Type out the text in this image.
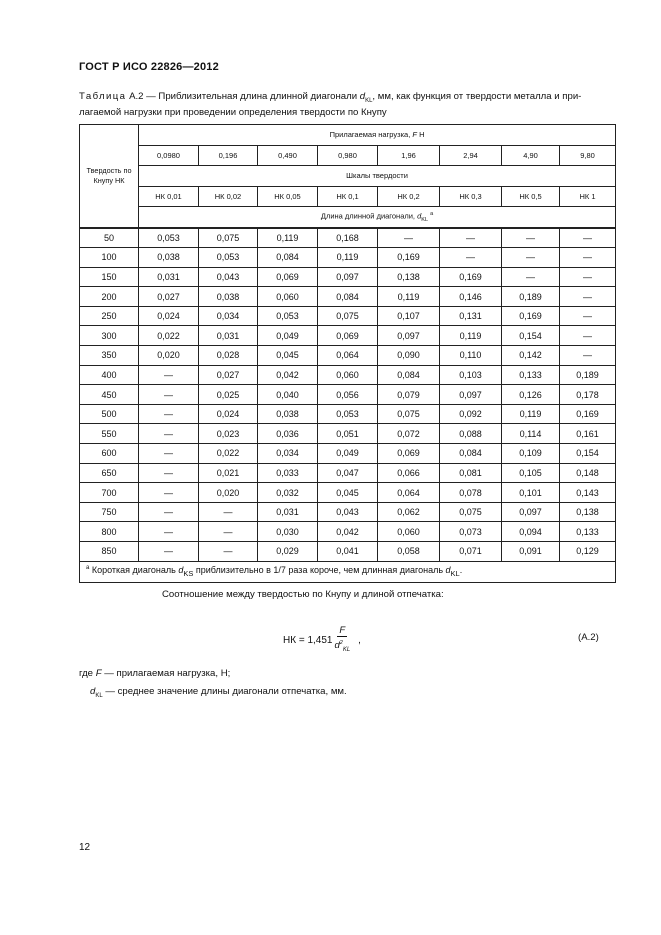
ГОСТ Р ИСО 22826—2012
Таблица А.2 — Приблизительная длина длинной диагонали $d_{KL}$, мм, как функция от твердости металла и при-
лагаемой нагрузки при проведении определения твердости по Кнупу
Твердость по Кнупу НК	Прилагаемая нагрузка, F Н							
	0,0980	0,196	0,490	0,980	1,96	2,94	4,90	9,80
	Шкалы твердости							
	НК 0,01	НК 0,02	НК 0,05	НК 0,1	НК 0,2	НК 0,3	НК 0,5	НК 1
	Длина длинной диагонали, $d_{KL}$ $^a$
50	0,053	0,075	0,119	0,168	—	—	—	—
100	0,038	0,053	0,084	0,119	0,169	—	—	—
150	0,031	0,043	0,069	0,097	0,138	0,169	—	—
200	0,027	0,038	0,060	0,084	0,119	0,146	0,189	—
250	0,024	0,034	0,053	0,075	0,107	0,131	0,169	—
300	0,022	0,031	0,049	0,069	0,097	0,119	0,154	—
350	0,020	0,028	0,045	0,064	0,090	0,110	0,142	—
400	—	0,027	0,042	0,060	0,084	0,103	0,133	0,189
450	—	0,025	0,040	0,056	0,079	0,097	0,126	0,178
500	—	0,024	0,038	0,053	0,075	0,092	0,119	0,169
550	—	0,023	0,036	0,051	0,072	0,088	0,114	0,161
600	—	0,022	0,034	0,049	0,069	0,084	0,109	0,154
650	—	0,021	0,033	0,047	0,066	0,081	0,105	0,148
700	—	0,020	0,032	0,045	0,064	0,078	0,101	0,143
750	—	—	0,031	0,043	0,062	0,075	0,097	0,138
800	—	—	0,030	0,042	0,060	0,073	0,094	0,133
850	—	—	0,029	0,041	0,058	0,071	0,091	0,129
$^a$ Короткая диагональ $d_{KS}$ приблизительно в 1/7 раза короче, чем длинная диагональ $d_{KL}$.								
Соотношение между твердостью по Кнупу и длиной отпечатка:
НК = $1,451 \frac{F}{d^2_{KL}}$ ,	(А.2)
где F — прилагаемая нагрузка, Н;
$d_{KL}$ — среднее значение длины диагонали отпечатка, мм.
12
